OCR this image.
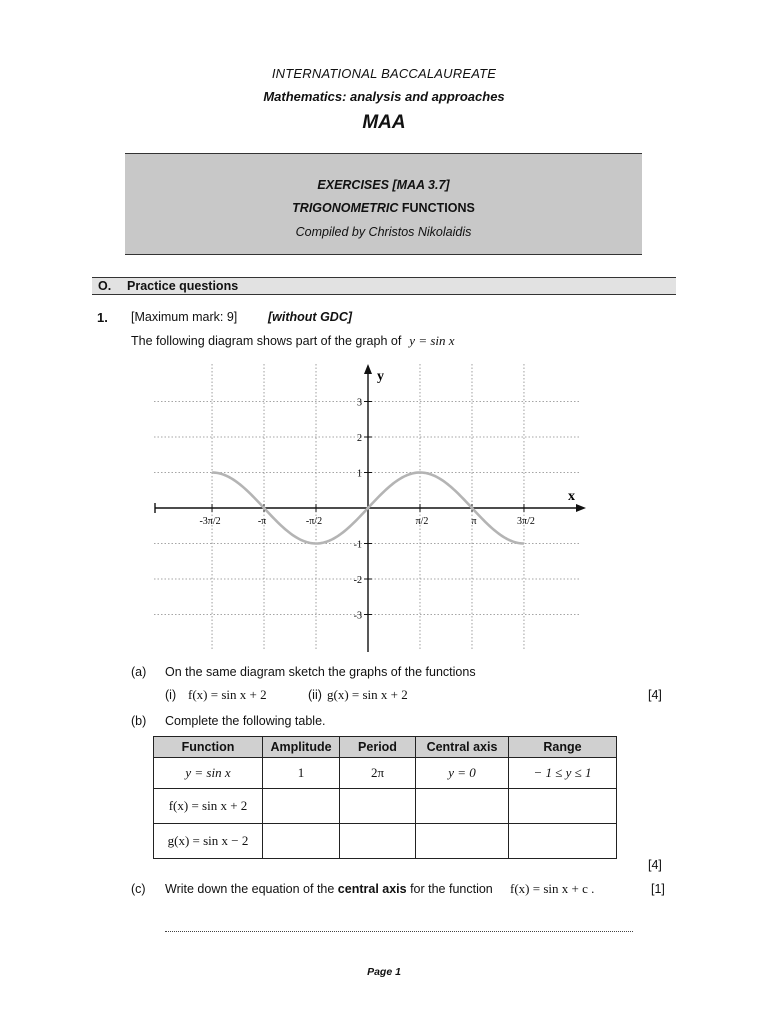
INTERNATIONAL BACCALAUREATE
Mathematics: analysis and approaches
MAA
EXERCISES [MAA 3.7]
TRIGONOMETRIC FUNCTIONS
Compiled by Christos Nikolaidis
O. Practice questions
1. [Maximum mark: 9] [without GDC]
The following diagram shows part of the graph of y = sin x
-3π/2	-π	-π/2	π/2	π	3π/2
3
2
1
-1
-2
-3
x
y
(a) On the same diagram sketch the graphs of the functions
(i) f(x) = sin x + 2	(ii) g(x) = sin x + 2	[4]
(b) Complete the following table.
Function	Amplitude	Period	Central axis	Range
y = sin x	1	2π	y = 0	− 1 ≤ y ≤ 1
f(x) = sin x + 2				
g(x) = sin x − 2				
[4]
(c) Write down the equation of the central axis for the function f(x) = sin x + c .	[1]
Page 1
